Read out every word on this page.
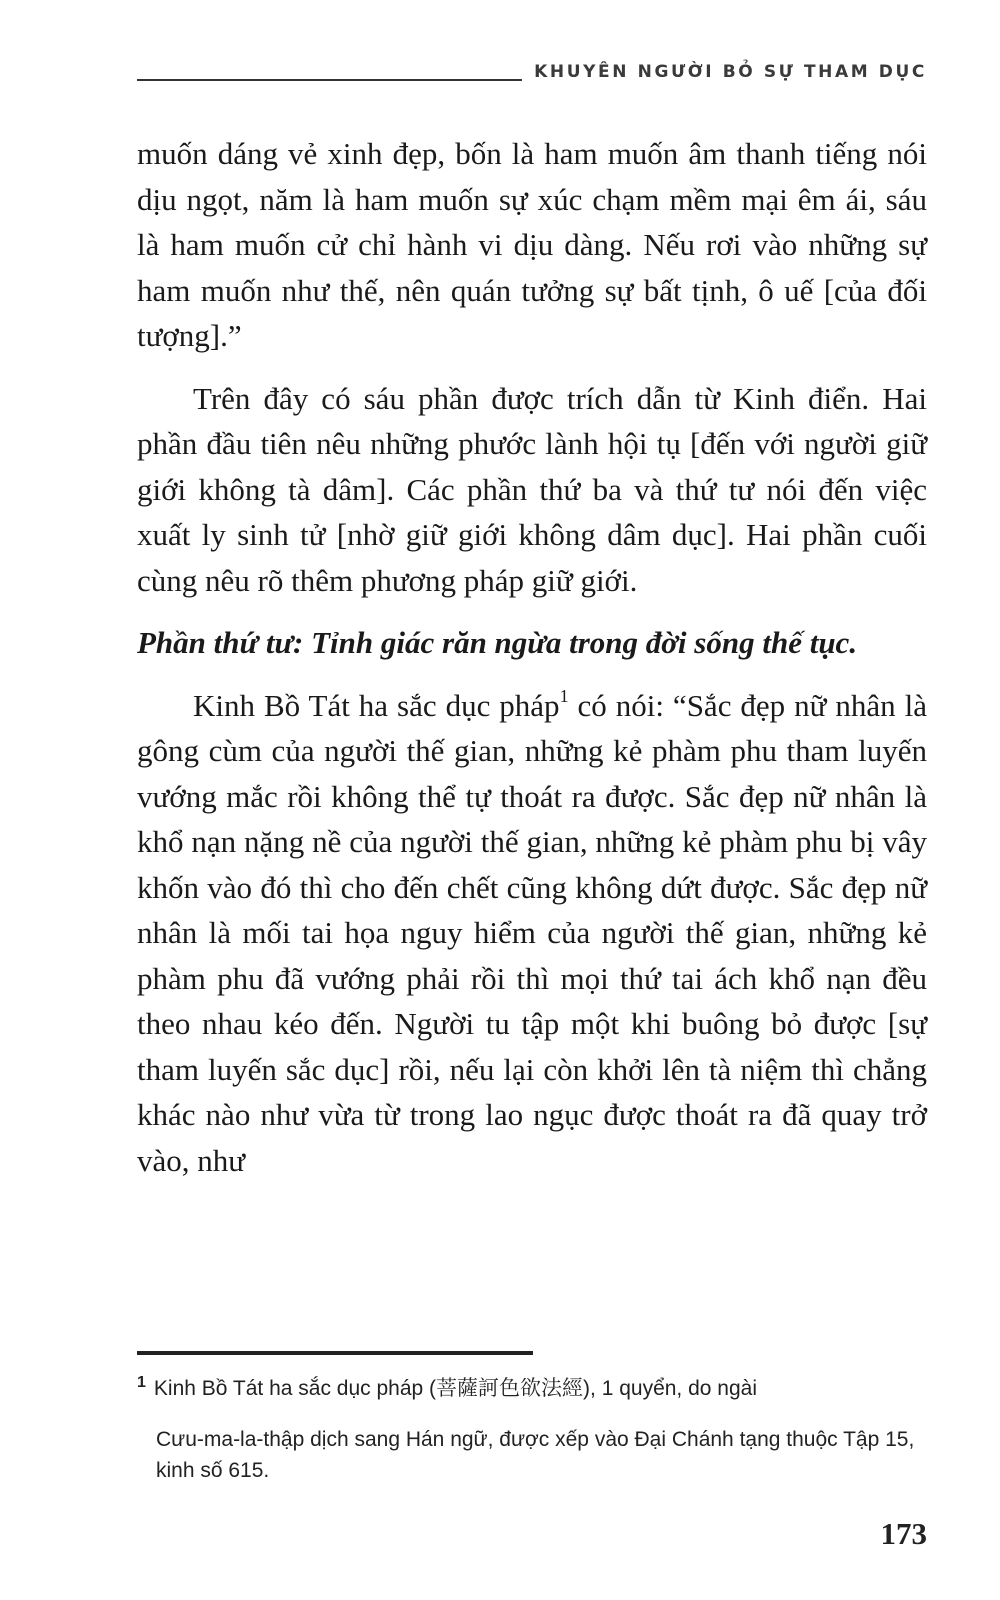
KHUYÊN NGƯỜI BỎ SỰ THAM DỤC

muốn dáng vẻ xinh đẹp, bốn là ham muốn âm thanh tiếng nói dịu ngọt, năm là ham muốn sự xúc chạm mềm mại êm ái, sáu là ham muốn cử chỉ hành vi dịu dàng. Nếu rơi vào những sự ham muốn như thế, nên quán tưởng sự bất tịnh, ô uế [của đối tượng].”

Trên đây có sáu phần được trích dẫn từ Kinh điển. Hai phần đầu tiên nêu những phước lành hội tụ [đến với người giữ giới không tà dâm]. Các phần thứ ba và thứ tư nói đến việc xuất ly sinh tử [nhờ giữ giới không dâm dục]. Hai phần cuối cùng nêu rõ thêm phương pháp giữ giới.

Phần thứ tư: Tỉnh giác răn ngừa trong đời sống thế tục.

Kinh Bồ Tát ha sắc dục pháp$^1$ có nói: “Sắc đẹp nữ nhân là gông cùm của người thế gian, những kẻ phàm phu tham luyến vướng mắc rồi không thể tự thoát ra được. Sắc đẹp nữ nhân là khổ nạn nặng nề của người thế gian, những kẻ phàm phu bị vây khốn vào đó thì cho đến chết cũng không dứt được. Sắc đẹp nữ nhân là mối tai họa nguy hiểm của người thế gian, những kẻ phàm phu đã vướng phải rồi thì mọi thứ tai ách khổ nạn đều theo nhau kéo đến. Người tu tập một khi buông bỏ được [sự tham luyến sắc dục] rồi, nếu lại còn khởi lên tà niệm thì chẳng khác nào như vừa từ trong lao ngục được thoát ra đã quay trở vào, như

$^1$ Kinh Bồ Tát ha sắc dục pháp (菩薩訶色欲法經), 1 quyển, do ngài

Cưu-ma-la-thập dịch sang Hán ngữ, được xếp vào Đại Chánh tạng thuộc Tập 15, kinh số 615.

173
